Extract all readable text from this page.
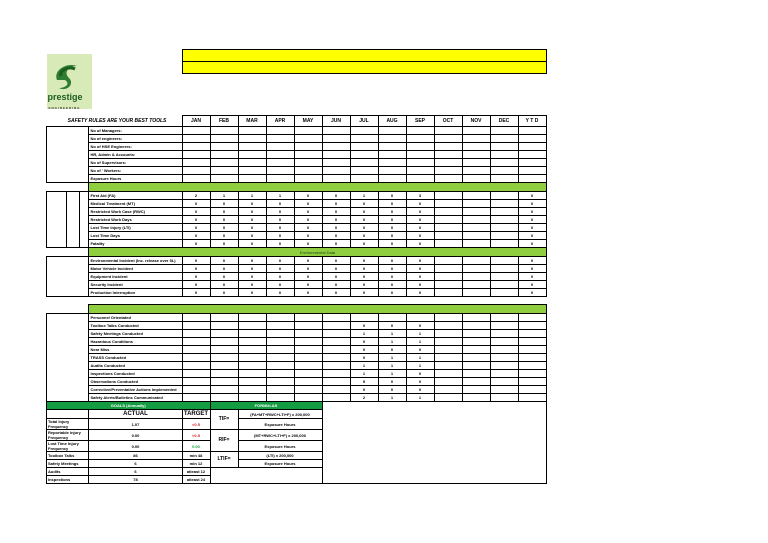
prestige
ENGINEERING																

SAFETY RULES ARE YOUR BEST TOOLS				JAN	FEB	MAR	APR	MAY	JUN	JUL	AUG	SEP	OCT	NOV	DEC	Y T D
			No of Managers:													
			No of engineers:													
			No of HSE Engineers:													
			HR, Admin & Accounts:													
			No of Supervisors:													
			No of ' Workers:													
			Exposure Hours													

			First Aid (FA)	2	1	1	1	0	0	1	0	3				0
			Medical Treatment (MT)	0	0	0	0	0	0	0	0	0				0
			Restricted Work Case (RWC)	0	0	0	0	0	0	0	0	0				0
			Restricted Work Days	0	0	0	0	0	0	0	0	0				0
			Lost Time Injury (LTI)	0	0	0	0	0	0	0	0	0				0
			Lost Time Days	0	0	0	0	0	0	0	0	0				0
			Fatality	0	0	0	0	0	0	0	0	0				0
			Environmental Data													
			Environmental Incident (Inc. release over 5L)	0	0	0	0	0	0	0	0	0				0
			Motor Vehicle Incident	0	0	0	0	0	0	0	0	0				0
			Equipment Incident	0	0	0	0	0	0	0	0	0				0
			Security Incident	0	0	0	0	0	0	0	0	0				0
			Production Interruption	0	0	0	0	0	0	0	0	0				0

			Personnel Orientated													
			Toolbox Talks Conducted							0	0	0				
			Safety Meetings Conducted							1	1	1				
			Hazardous Conditions							0	1	1				
			Near Miss							0	0	0				
			TRASS Conducted							0	1	1				
			Audits Conducted							1	1	1				
			Inspections Conducted							1	1	0				
			Observations Conducted							5	0	0				
			Corrective/Preventative Actions Implemented							0	0	0				
			Safety Alerts/Bulletins Communicated							2	1	1				
GOALS (Annually)					FORMULAS											
			ACTUAL	TARGET	TIF=	(FA+MT+RWC+LTI+F) x 200,000										
Total Injury Frequency			1.07	<0.5		Exposure Hours										
Reportable Injury Frequency			0.00	<0.5	RIF=	(MT+RWC+LTI+F) x 200,000										
Lost Time Injury Frequency			0.00	0.00		Exposure Hours										
Toolbox Talks			86	min 48	LTIF=	(LTI) x 200,000										
Safety Meetings			6	min 12		Exposure Hours										
Audits			6	atleast 12												
Inspections			78	atleast 24												
